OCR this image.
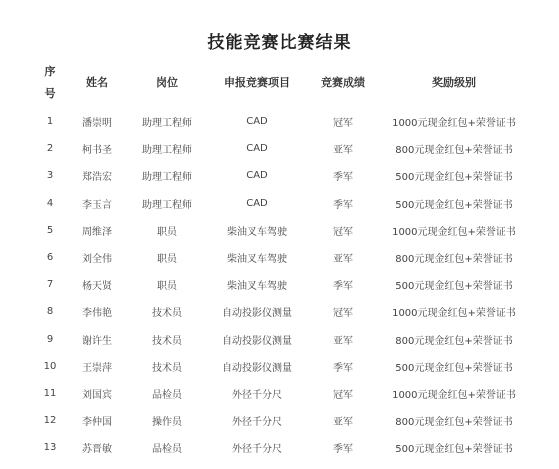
技能竞赛比赛结果
序
号	姓名	岗位	申报竞赛项目	竞赛成绩	奖励级别
1	潘崇明	助理工程师	CAD	冠军	1000元现金红包+荣誉证书
2	柯书圣	助理工程师	CAD	亚军	800元现金红包+荣誉证书
3	郑浩宏	助理工程师	CAD	季军	500元现金红包+荣誉证书
4	李玉言	助理工程师	CAD	季军	500元现金红包+荣誉证书
5	周维泽	职员	柴油叉车驾驶	冠军	1000元现金红包+荣誉证书
6	刘全伟	职员	柴油叉车驾驶	亚军	800元现金红包+荣誉证书
7	杨天贤	职员	柴油叉车驾驶	季军	500元现金红包+荣誉证书
8	李伟艳	技术员	自动投影仪测量	冠军	1000元现金红包+荣誉证书
9	谢许生	技术员	自动投影仪测量	亚军	800元现金红包+荣誉证书
10	王崇萍	技术员	自动投影仪测量	季军	500元现金红包+荣誉证书
11	刘国宾	品检员	外径千分尺	冠军	1000元现金红包+荣誉证书
12	李仲国	操作员	外径千分尺	亚军	800元现金红包+荣誉证书
13	苏晋敏	品检员	外径千分尺	季军	500元现金红包+荣誉证书
